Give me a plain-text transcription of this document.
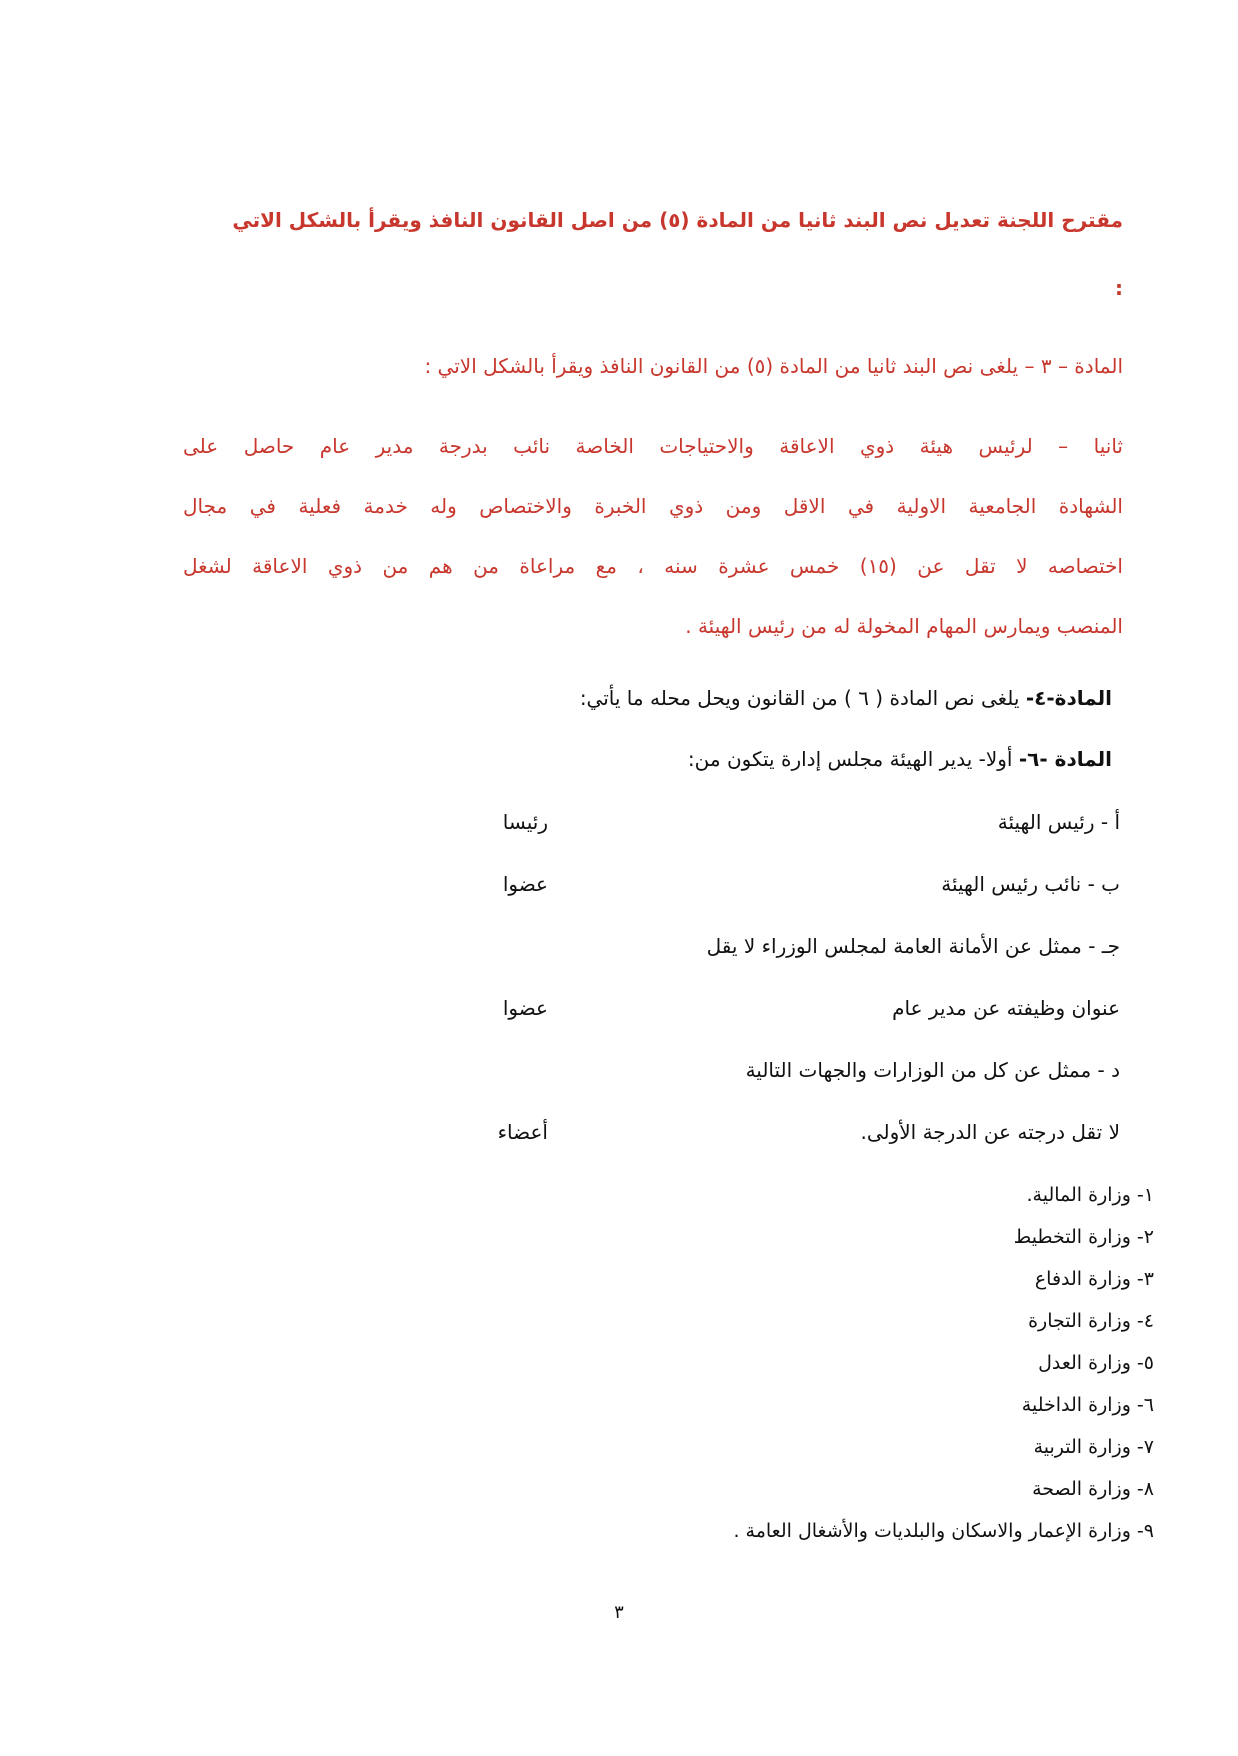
مقترح اللجنة تعديل نص البند ثانيا من المادة (٥) من اصل القانون النافذ ويقرأ بالشكل الاتي
:
المادة – ٣ – يلغى نص البند ثانيا من المادة (٥) من القانون النافذ ويقرأ بالشكل الاتي :
ثانيا – لرئيس هيئة ذوي الاعاقة والاحتياجات الخاصة نائب بدرجة مدير عام حاصل على
الشهادة الجامعية الاولية في الاقل ومن ذوي الخبرة والاختصاص وله خدمة فعلية في مجال
اختصاصه لا تقل عن (١٥) خمس عشرة سنه ، مع مراعاة من هم من ذوي الاعاقة لشغل
المنصب ويمارس المهام المخولة له من رئيس الهيئة .
المادة-٤- يلغى نص المادة ( ٦ ) من القانون ويحل محله ما يأتي:
المادة -٦- أولا- يدير الهيئة مجلس إدارة يتكون من:
أ - رئيس الهيئة
رئيسا
ب - نائب رئيس الهيئة
عضوا
جـ - ممثل عن الأمانة العامة لمجلس الوزراء لا يقل
عنوان وظيفته عن مدير عام
عضوا
د - ممثل عن كل من الوزارات والجهات التالية
لا تقل درجته عن الدرجة الأولى.
أعضاء
١- وزارة المالية.
٢- وزارة التخطيط
٣- وزارة الدفاع
٤- وزارة التجارة
٥- وزارة العدل
٦- وزارة الداخلية
٧- وزارة التربية
٨- وزارة الصحة
٩- وزارة الإعمار والاسكان والبلديات والأشغال العامة .
٣
